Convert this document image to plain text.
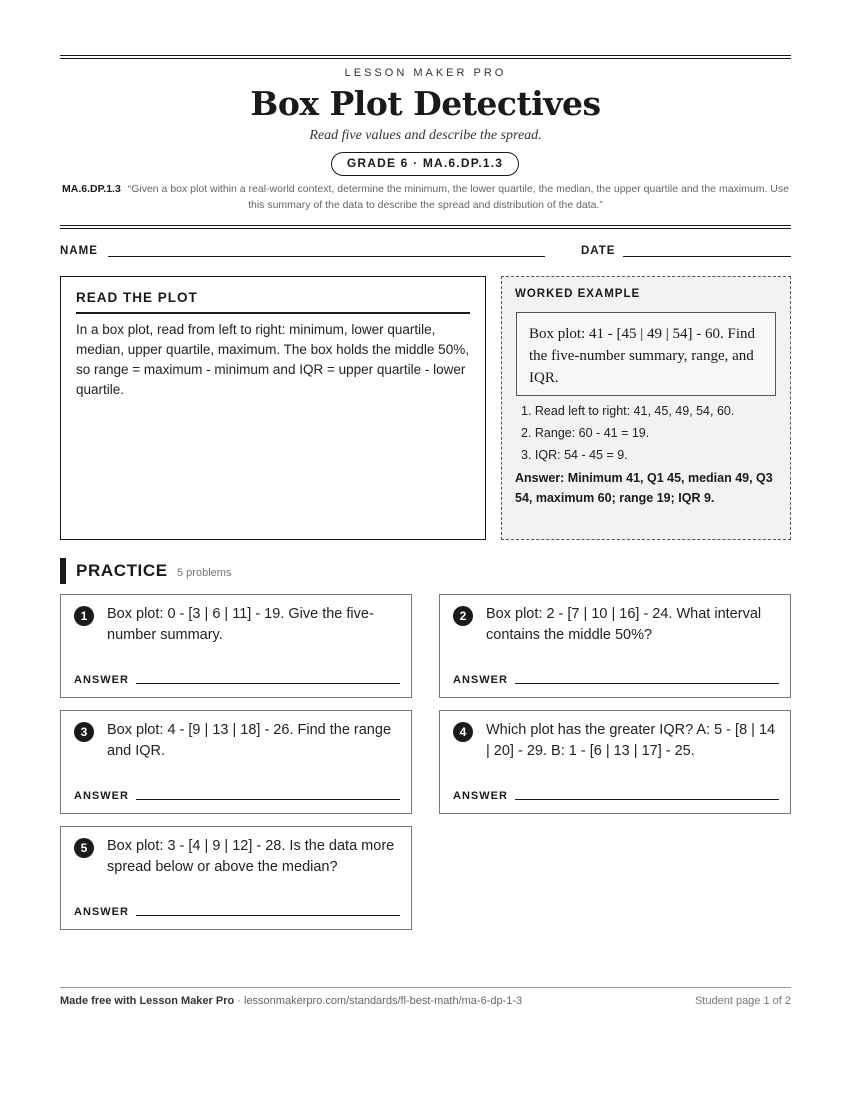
LESSON MAKER PRO
Box Plot Detectives
Read five values and describe the spread.
GRADE 6 · MA.6.DP.1.3
MA.6.DP.1.3 “Given a box plot within a real-world context, determine the minimum, the lower quartile, the median, the upper quartile and the maximum. Use this summary of the data to describe the spread and distribution of the data.”
NAME	DATE
READ THE PLOT
In a box plot, read from left to right: minimum, lower quartile, median, upper quartile, maximum. The box holds the middle 50%, so range = maximum - minimum and IQR = upper quartile - lower quartile.
WORKED EXAMPLE
Box plot: 41 - [45 | 49 | 54] - 60. Find the five-number summary, range, and IQR.
1. Read left to right: 41, 45, 49, 54, 60.
2. Range: 60 - 41 = 19.
3. IQR: 54 - 45 = 9.
Answer: Minimum 41, Q1 45, median 49, Q3 54, maximum 60; range 19; IQR 9.
PRACTICE 5 problems
1	Box plot: 0 - [3 | 6 | 11] - 19. Give the five-number summary.
ANSWER
2	Box plot: 2 - [7 | 10 | 16] - 24. What interval contains the middle 50%?
ANSWER
3	Box plot: 4 - [9 | 13 | 18] - 26. Find the range and IQR.
ANSWER
4	Which plot has the greater IQR? A: 5 - [8 | 14 | 20] - 29. B: 1 - [6 | 13 | 17] - 25.
ANSWER
5	Box plot: 3 - [4 | 9 | 12] - 28. Is the data more spread below or above the median?
ANSWER
Made free with Lesson Maker Pro · lessonmakerpro.com/standards/fl-best-math/ma-6-dp-1-3	Student page 1 of 2
